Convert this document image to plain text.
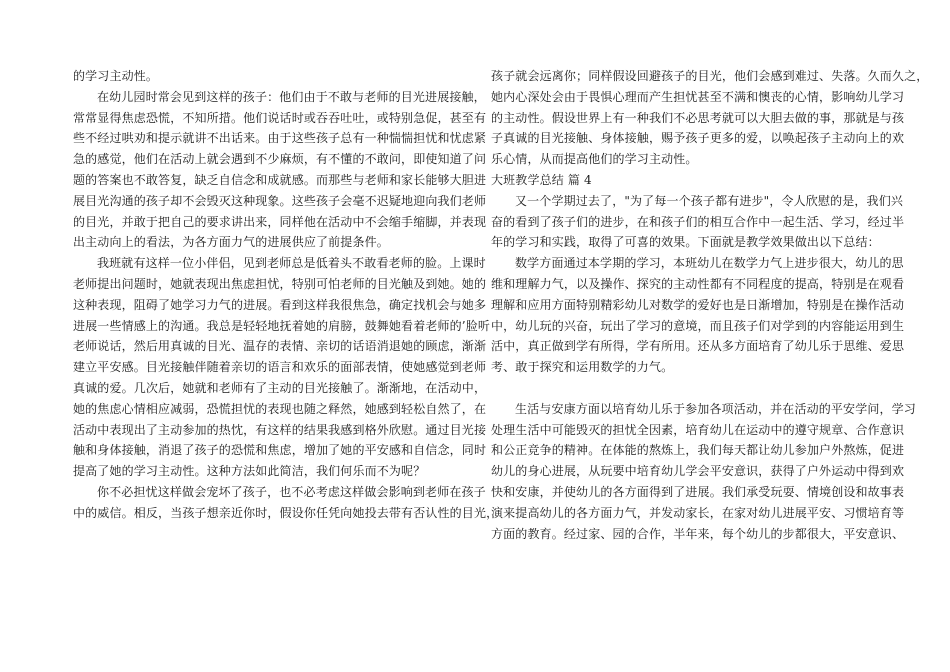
的学习主动性。
在幼儿园时常会见到这样的孩子：他们由于不敢与老师的目光进展接触，
常常显得焦虑恐慌，不知所措。他们说话时或吞吞吐吐，或特别急促，甚至有
些不经过哄劝和提示就讲不出话来。由于这些孩子总有一种惴惴担忧和忧虑紧
急的感觉，他们在活动上就会遇到不少麻烦，有不懂的不敢问，即使知道了问
题的答案也不敢答复，缺乏自信念和成就感。而那些与老师和家长能够大胆进
展目光沟通的孩子却不会毁灭这种现象。这些孩子会毫不迟疑地迎向我们老师
的目光，并敢于把自己的要求讲出来，同样他在活动中不会缩手缩脚，并表现
出主动向上的看法，为各方面力气的进展供应了前提条件。
我班就有这样一位小伴侣，见到老师总是低着头不敢看老师的脸。上课时
老师提出问题时，她就表现出焦虑担忧，特别可怕老师的目光触及到她。她的
这种表现，阻碍了她学习力气的进展。看到这样我很焦急，确定找机会与她多
进展一些情感上的沟通。我总是轻轻地抚着她的肩膀，鼓舞她看着老师的’脸听
老师说话，然后用真诚的目光、温存的表情、亲切的话语消退她的顾虑，渐渐
建立平安感。目光接触伴随着亲切的语言和欢乐的面部表情，使她感觉到老师
真诚的爱。几次后，她就和老师有了主动的目光接触了。渐渐地，在活动中，
她的焦虑心情相应减弱，恐慌担忧的表现也随之释然，她感到轻松自然了，在
活动中表现出了主动参加的热忱，有这样的结果我感到格外欣慰。通过目光接
触和身体接触，消退了孩子的恐慌和焦虑，增加了她的平安感和自信念，同时
提高了她的学习主动性。这种方法如此简洁，我们何乐而不为呢？
你不必担忧这样做会宠坏了孩子，也不必考虑这样做会影响到老师在孩子
中的威信。相反，当孩子想亲近你时，假设你任凭向她投去带有否认性的目光，
孩子就会远离你；同样假设回避孩子的目光，他们会感到难过、失落。久而久之，
她内心深处会由于畏惧心理而产生担忧甚至不满和懊丧的心情，影响幼儿学习
的主动性。假设世界上有一种我们不必思考就可以大胆去做的事，那就是与孩
子真诚的目光接触、身体接触，赐予孩子更多的爱，以唤起孩子主动向上的欢
乐心情，从而提高他们的学习主动性。
大班教学总结 篇 4
又一个学期过去了，"为了每一个孩子都有进步"，令人欣慰的是，我们兴
奋的看到了孩子们的进步，在和孩子们的相互合作中一起生活、学习，经过半
年的学习和实践，取得了可喜的效果。下面就是教学效果做出以下总结：
数学方面通过本学期的学习，本班幼儿在数学力气上进步很大，幼儿的思
维和理解力气，以及操作、探究的主动性都有不同程度的提高，特别是在观看
理解和应用方面特别精彩幼儿对数学的爱好也是日渐增加，特别是在操作活动
中，幼儿玩的兴奋，玩出了学习的意境，而且孩子们对学到的内容能运用到生
活中，真正做到学有所得，学有所用。还从多方面培育了幼儿乐于思维、爱思
考、敢于探究和运用数学的力气。
生活与安康方面以培育幼儿乐于参加各项活动，并在活动的平安学问，学习
处理生活中可能毁灭的担忧全因素，培育幼儿在运动中的遵守规章、合作意识
和公正竞争的精神。在体能的熬炼上，我们每天都让幼儿参加户外熬炼，促进
幼儿的身心进展，从玩要中培育幼儿学会平安意识，获得了户外运动中得到欢
快和安康，并使幼儿的各方面得到了进展。我们承受玩耍、情境创设和故事表
演来提高幼儿的各方面力气，并发动家长，在家对幼儿进展平安、习惯培育等
方面的教育。经过家、园的合作，半年来，每个幼儿的步都很大，平安意识、
